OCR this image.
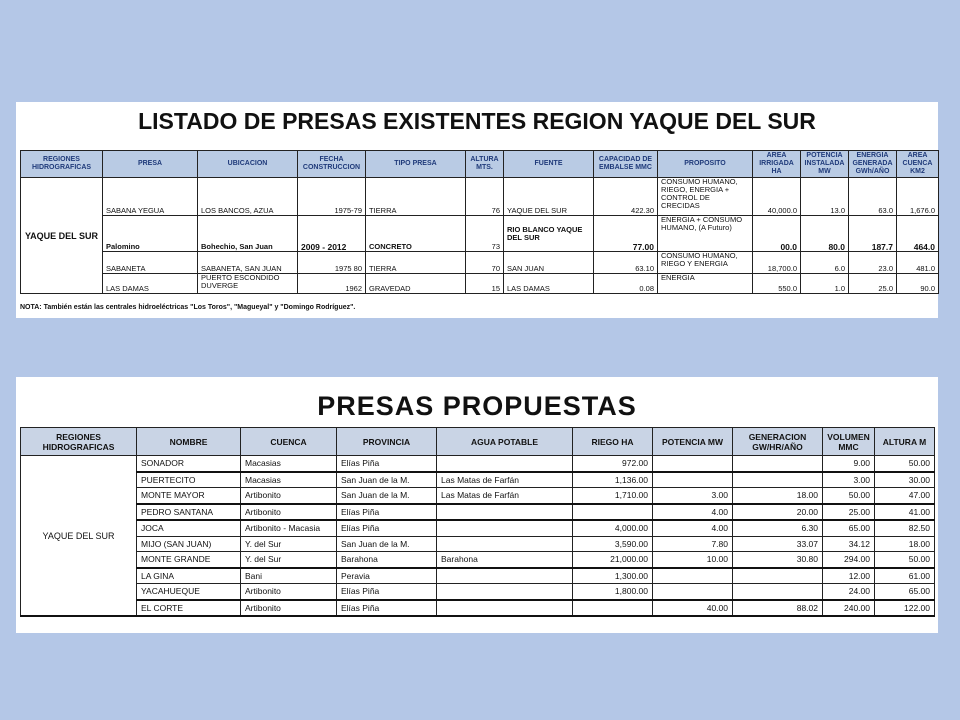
LISTADO DE PRESAS EXISTENTES REGION YAQUE DEL SUR
REGIONES HIDROGRAFICAS	PRESA	UBICACION	FECHA CONSTRUCCION	TIPO PRESA	ALTURA MTS.	FUENTE	CAPACIDAD DE EMBALSE MMC	PROPOSITO	AREA IRRIGADA HA	POTENCIA INSTALADA MW	ENERGIA GENERADA GWh/AÑO	AREA CUENCA KM2
YAQUE DEL SUR	SABANA YEGUA	LOS BANCOS, AZUA	1975-79	TIERRA	76	YAQUE DEL SUR	422.30	CONSUMO HUMANO, RIEGO, ENERGIA + CONTROL DE CRECIDAS	40,000.0	13.0	63.0	1,676.0
	Palomino	Bohechio, San Juan	2009 - 2012	CONCRETO	73	RIO BLANCO YAQUE DEL SUR	77.00	ENERGIA + CONSUMO HUMANO, (A Futuro)	00.0	80.0	187.7	464.0
	SABANETA	SABANETA, SAN JUAN	1975 80	TIERRA	70	SAN JUAN	63.10	CONSUMO HUMANO, RIEGO Y ENERGIA	18,700.0	6.0	23.0	481.0
	LAS DAMAS	PUERTO ESCONDIDO DUVERGE	1962	GRAVEDAD	15	LAS DAMAS	0.08	ENERGIA	550.0	1.0	25.0	90.0
NOTA: También están las centrales hidroeléctricas "Los Toros", "Magueyal" y "Domingo Rodríguez".
PRESAS PROPUESTAS
REGIONES HIDROGRAFICAS	NOMBRE	CUENCA	PROVINCIA	AGUA POTABLE	RIEGO HA	POTENCIA MW	GENERACION GW/HR/AÑO	VOLUMEN MMC	ALTURA M
YAQUE DEL SUR	SONADOR	Macasias	Elías Piña		972.00			9.00	50.00
	PUERTECITO	Macasias	San Juan de la M.	Las Matas de Farfán	1,136.00			3.00	30.00
	MONTE MAYOR	Artibonito	San Juan de la M.	Las Matas de Farfán	1,710.00	3.00	18.00	50.00	47.00
	PEDRO SANTANA	Artibonito	Elías Piña			4.00	20.00	25.00	41.00
	JOCA	Artibonito - Macasia	Elías Piña		4,000.00	4.00	6.30	65.00	82.50
	MIJO (SAN JUAN)	Y. del Sur	San Juan de la M.		3,590.00	7.80	33.07	34.12	18.00
	MONTE GRANDE	Y. del Sur	Barahona	Barahona	21,000.00	10.00	30.80	294.00	50.00
	LA GINA	Bani	Peravia		1,300.00			12.00	61.00
	YACAHUEQUE	Artibonito	Elías Piña		1,800.00			24.00	65.00
	EL CORTE	Artibonito	Elías Piña			40.00	88.02	240.00	122.00
